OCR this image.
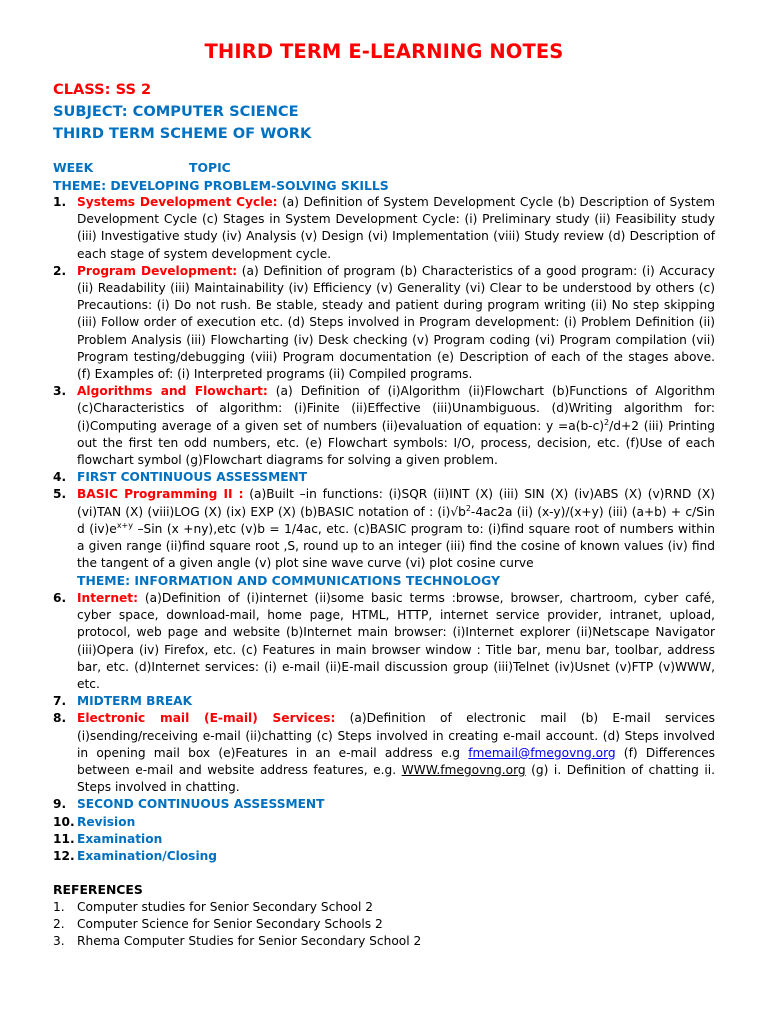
THIRD TERM E-LEARNING NOTES
CLASS: SS 2
SUBJECT: COMPUTER SCIENCE
THIRD TERM SCHEME OF WORK
WEEK	TOPIC
THEME: DEVELOPING PROBLEM-SOLVING SKILLS
1. Systems Development Cycle: (a) Definition of System Development Cycle (b) Description of System Development Cycle (c) Stages in System Development Cycle: (i) Preliminary study (ii) Feasibility study (iii) Investigative study (iv) Analysis (v) Design (vi) Implementation (viii) Study review (d) Description of each stage of system development cycle.
2. Program Development: (a) Definition of program (b) Characteristics of a good program: (i) Accuracy (ii) Readability (iii) Maintainability (iv) Efficiency (v) Generality (vi) Clear to be understood by others (c) Precautions: (i) Do not rush. Be stable, steady and patient during program writing (ii) No step skipping (iii) Follow order of execution etc. (d) Steps involved in Program development: (i) Problem Definition (ii) Problem Analysis (iii) Flowcharting (iv) Desk checking (v) Program coding (vi) Program compilation (vii) Program testing/debugging (viii) Program documentation (e) Description of each of the stages above. (f) Examples of: (i) Interpreted programs (ii) Compiled programs.
3. Algorithms and Flowchart: (a) Definition of (i)Algorithm (ii)Flowchart (b)Functions of Algorithm (c)Characteristics of algorithm: (i)Finite (ii)Effective (iii)Unambiguous. (d)Writing algorithm for: (i)Computing average of a given set of numbers (ii)evaluation of equation: $y =a(b-c)^2/d+2$ (iii) Printing out the first ten odd numbers, etc. (e) Flowchart symbols: I/O, process, decision, etc. (f)Use of each flowchart symbol (g)Flowchart diagrams for solving a given problem.
4. FIRST CONTINUOUS ASSESSMENT
5. BASIC Programming II : (a)Built –in functions: (i)SQR (ii)INT (X) (iii) SIN (X) (iv)ABS (X) (v)RND (X) (vi)TAN (X) (viii)LOG (X) (ix) EXP (X) (b)BASIC notation of : $(i)√b^2-4ac2a$ (ii) (x-y)/(x+y) (iii) (a+b) + c/Sin d $(iv)e^{x+y}$ –Sin (x +ny),etc (v)b = 1/4ac, etc. (c)BASIC program to: (i)find square root of numbers within a given range (ii)find square root ,S, round up to an integer (iii) find the cosine of known values (iv) find the tangent of a given angle (v) plot sine wave curve (vi) plot cosine curve
THEME: INFORMATION AND COMMUNICATIONS TECHNOLOGY
6. Internet: (a)Definition of (i)internet (ii)some basic terms :browse, browser, chartroom, cyber café, cyber space, download-mail, home page, HTML, HTTP, internet service provider, intranet, upload, protocol, web page and website (b)Internet main browser: (i)Internet explorer (ii)Netscape Navigator (iii)Opera (iv) Firefox, etc. (c) Features in main browser window : Title bar, menu bar, toolbar, address bar, etc. (d)Internet services: (i) e-mail (ii)E-mail discussion group (iii)Telnet (iv)Usnet (v)FTP (v)WWW, etc.
7. MIDTERM BREAK
8. Electronic mail (E-mail) Services: (a)Definition of electronic mail (b) E-mail services (i)sending/receiving e-mail (ii)chatting (c) Steps involved in creating e-mail account. (d) Steps involved in opening mail box (e)Features in an e-mail address e.g fmemail@fmegovng.org (f) Differences between e-mail and website address features, e.g. WWW.fmegovng.org (g) i. Definition of chatting ii. Steps involved in chatting.
9. SECOND CONTINUOUS ASSESSMENT
10. Revision
11. Examination
12. Examination/Closing
REFERENCES
1. Computer studies for Senior Secondary School 2
2. Computer Science for Senior Secondary Schools 2
3. Rhema Computer Studies for Senior Secondary School 2
